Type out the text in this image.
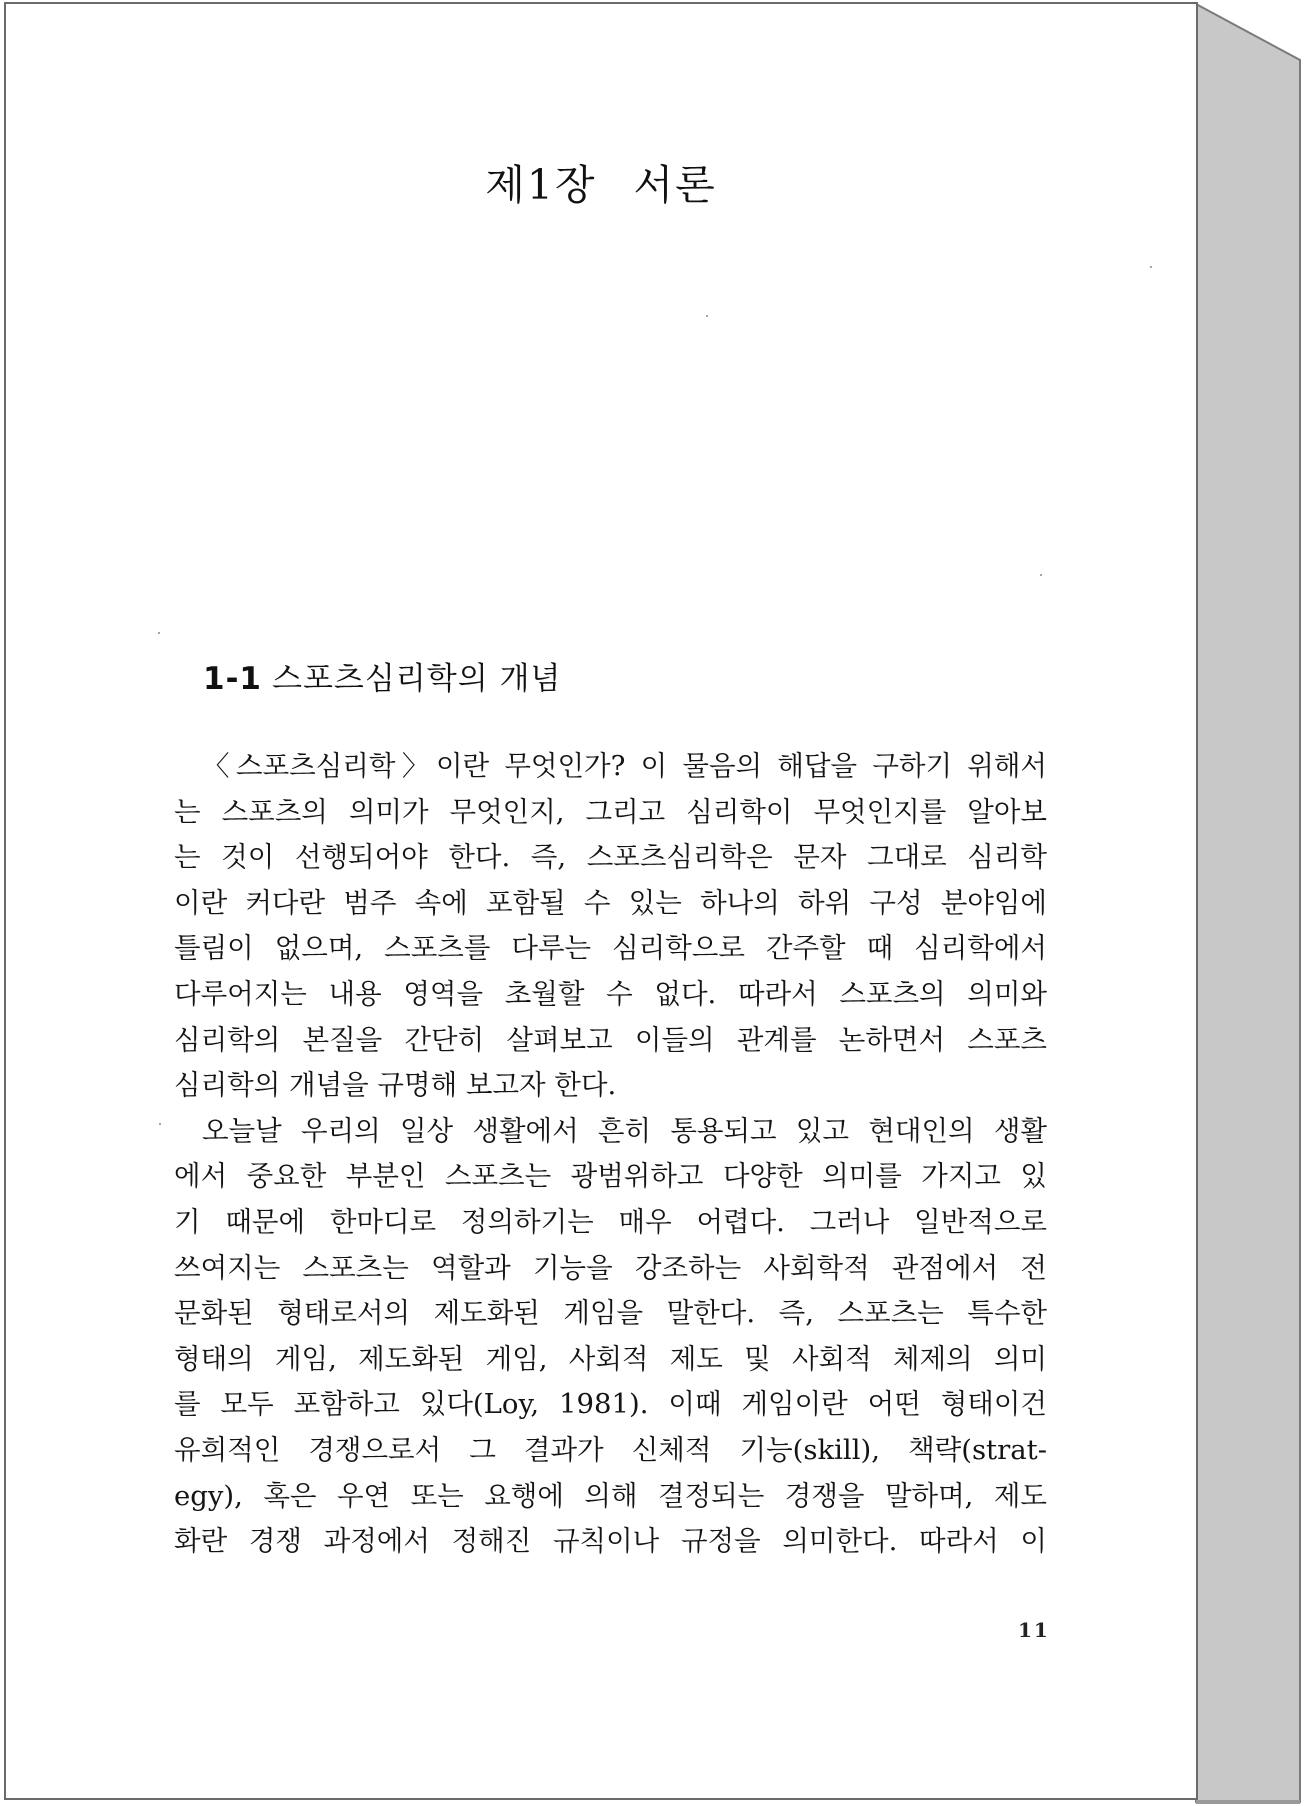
제1장 서론
1-1 스포츠심리학의 개념
〈스포츠심리학〉이란 무엇인가? 이 물음의 해답을 구하기 위해서
는 스포츠의 의미가 무엇인지, 그리고 심리학이 무엇인지를 알아보
는 것이 선행되어야 한다. 즉, 스포츠심리학은 문자 그대로 심리학
이란 커다란 범주 속에 포함될 수 있는 하나의 하위 구성 분야임에
틀림이 없으며, 스포츠를 다루는 심리학으로 간주할 때 심리학에서
다루어지는 내용 영역을 초월할 수 없다. 따라서 스포츠의 의미와
심리학의 본질을 간단히 살펴보고 이들의 관계를 논하면서 스포츠
심리학의 개념을 규명해 보고자 한다.
오늘날 우리의 일상 생활에서 흔히 통용되고 있고 현대인의 생활
에서 중요한 부분인 스포츠는 광범위하고 다양한 의미를 가지고 있
기 때문에 한마디로 정의하기는 매우 어렵다. 그러나 일반적으로
쓰여지는 스포츠는 역할과 기능을 강조하는 사회학적 관점에서 전
문화된 형태로서의 제도화된 게임을 말한다. 즉, 스포츠는 특수한
형태의 게임, 제도화된 게임, 사회적 제도 및 사회적 체제의 의미
를 모두 포함하고 있다(Loy, 1981). 이때 게임이란 어떤 형태이건
유희적인 경쟁으로서 그 결과가 신체적 기능(skill), 책략(strat-
egy), 혹은 우연 또는 요행에 의해 결정되는 경쟁을 말하며, 제도
화란 경쟁 과정에서 정해진 규칙이나 규정을 의미한다. 따라서 이
11
